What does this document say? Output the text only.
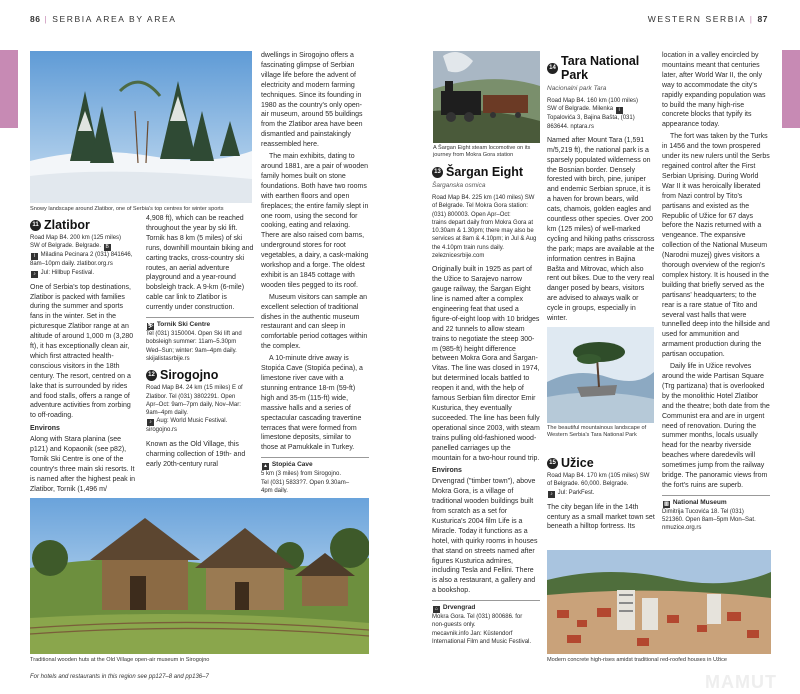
86 | SERBIA AREA BY AREA	WESTERN SERBIA | 87
Snowy landscape around Zlatibor, one of Serbia's top centres for winter sports
11 Zlatibor
Road Map B4. 200 km (125 miles)
SW of Belgrade. Belgrade. B
i Miladina Pecinara 2 (031) 841646,
8am–10pm daily. zlatibor.org.rs
♪ Jul: Hillbup Festival.

One of Serbia's top destinations, Zlatibor is packed with families during the summer and sports fans in the winter. Set in the picturesque Zlatibor range at an altitude of around 1,000 m (3,280 ft), it has exceptionally clean air, which first attracted health-conscious visitors in the 18th century. The resort, centred on a lake that is surrounded by rides and food stalls, offers a range of adventure activities from zorbing to off-roading.

Environs

Along with Stara planina (see p121) and Kopaonik (see p82), Tornik Ski Centre is one of the country's three main ski resorts. It is named after the highest peak in Zlatibor, Tornik (1,496 m/

4,908 ft), which can be reached throughout the year by ski lift. Tornik has 8 km (5 miles) of ski runs, downhill mountain biking and carting tracks, cross-country ski routes, an aerial adventure playground and a year-round bobsleigh track. A 9-km (6-mile) cable car link to Zlatibor is currently under construction.

⛷ Tornik Ski Centre
Tel (031) 3150004. Open Ski lift and
bobsleigh summer: 11am–5.30pm
Wed–Sun; winter: 9am–4pm daily.
skijalistasrbije.rs
12 Sirogojno
Road Map B4. 24 km (15 miles) E of
Zlatibor. Tel (031) 3802291. Open
Apr–Oct: 9am–7pm daily, Nov–Mar:
9am–4pm daily.
♪ Aug: World Music Festival.
sirogojno.rs

Known as the Old Village, this charming collection of 19th- and early 20th-century rural

dwellings in Sirogojno offers a fascinating glimpse of Serbian village life before the advent of electricity and modern farming techniques. Since its founding in 1980 as the country's only open-air museum, around 55 buildings from the Zlatibor area have been dismantled and painstakingly reassembled here.

The main exhibits, dating to around 1881, are a pair of wooden family homes built on stone foundations. Both have two rooms with earthen floors and open fireplaces; the entire family slept in one room, using the second for cooking, eating and relaxing. There are also raised corn barns, underground stores for root vegetables, a dairy, a cask-making workshop and a forge. The oldest exhibit is an 1845 cottage with wooden tiles pegged to its roof.

Museum visitors can sample an excellent selection of traditional dishes in the authentic museum restaurant and can sleep in comfortable period cottages within the complex.

A 10-minute drive away is Stopića Cave (Stopića pećina), a limestone river cave with a stunning entrance 18-m (59-ft) high and 35-m (115-ft) wide, massive halls and a series of spectacular cascading travertine terraces that were formed from limestone deposits, similar to those at Pamukkale in Turkey.

▲ Stopića Cave
5 km (3 miles) from Sirogojno.
Tel (031) 5833?7. Open 9.30am–
4pm daily.
A Šargan Eight steam locomotive on its journey from Mokra Gora station
13 Šargan Eight
Šarganska osmica
Road Map B4. 225 km (140 miles) SW
of Belgrade. Tel Mokra Gora station:
(031) 800003. Open Apr–Oct:
trains depart daily from Mokra Gora at
10.30am & 1.30pm; there may also be
services at 8am & 4.10pm; in Jul & Aug
the 4.10pm train runs daily.
zeleznicesrbije.com

Originally built in 1925 as part of the Užice to Sarajevo narrow gauge railway, the Šargan Eight line is named after a complex engineering feat that used a figure-of-eight loop with 10 bridges and 22 tunnels to allow steam trains to negotiate the steep 300-m (985-ft) height difference between Mokra Gora and Šargan-Vitas. The line was closed in 1974, but determined locals battled to reopen it and, with the help of famous Serbian film director Emir Kusturica, they eventually succeeded. The line has been fully operational since 2003, with steam trains pulling old-fashioned wood-panelled carriages up the mountain for a two-hour round trip.

Environs

Drvengrad ("timber town"), above Mokra Gora, is a village of traditional wooden buildings built from scratch as a set for Kusturica's 2004 film Life is a Miracle. Today it functions as a hotel, with quirky rooms in houses that stand on streets named after figures Kusturica admires, including Tesla and Fellini. There is also a restaurant, a gallery and a bookshop.

⌂ Drvengrad
Mokra Gora. Tel (031) 800686. for
non-guests only.
mecavnik.info Jan: Küstendorf
International Film and Music Festival.
Traditional wooden huts at the Old Village open-air museum in Sirogojno
14 Tara National Park
Nacionalni park Tara
Road Map B4. 160 km (100 miles)
SW of Belgrade. Milenka i
Topalovića 3, Bajina Bašta, (031)
863644. nptara.rs

Named after Mount Tara (1,591 m/5,219 ft), the national park is a sparsely populated wilderness on the Bosnian border. Densely forested with birch, pine, juniper and endemic Serbian spruce, it is a haven for brown bears, wild cats, chamois, golden eagles and countless other species. Over 200 km (125 miles) of well-marked cycling and hiking paths crisscross the park; maps are available at the information centres in Bajina Bašta and Mitrovac, which also rent out bikes. Due to the very real danger posed by bears, visitors are advised to always walk or cycle in groups, especially in winter.

The beautiful mountainous landscape of Western Serbia's Tara National Park
15 Užice
Road Map B4. 170 km (105 miles) SW
of Belgrade. 60,000. Belgrade.
♪ Jul: ParkFest.

The city began life in the 14th century as a small market town set beneath a hilltop fortress. Its

location in a valley encircled by mountains meant that centuries later, after World War II, the only way to accommodate the city's rapidly expanding population was to build the many high-rise concrete blocks that typify its appearance today.

The fort was taken by the Turks in 1456 and the town prospered under its new rulers until the Serbs regained control after the First Serbian Uprising. During World War II it was heroically liberated from Nazi control by Tito's partisans and existed as the Republic of Užice for 67 days before the Nazis returned with a vengeance. The expansive collection of the National Museum (Narodni muzej) gives visitors a thorough overview of the region's complex history. It is housed in the building that briefly served as the partisans' headquarters; to the rear is a rare statue of Tito and several vast halls that were tunnelled deep into the hillside and used for ammunition and armament production during the partisan occupation.

Daily life in Užice revolves around the wide Partisan Square (Trg partizana) that is overlooked by the monolithic Hotel Zlatibor and the theatre; both date from the Communist era and are in urgent need of renovation. During the summer months, locals usually head for the nearby riverside beaches where daredevils will sometimes jump from the railway bridge. The panoramic views from the fort's ruins are superb.

▥ National Museum
Dimitrija Tucovića 18. Tel (031)
521360. Open 8am–5pm Mon–Sat.
nmuzice.org.rs
Modern concrete high-rises amidst traditional red-roofed houses in Užice
For hotels and restaurants in this region see pp127–8 and pp136–7	MAMUT
